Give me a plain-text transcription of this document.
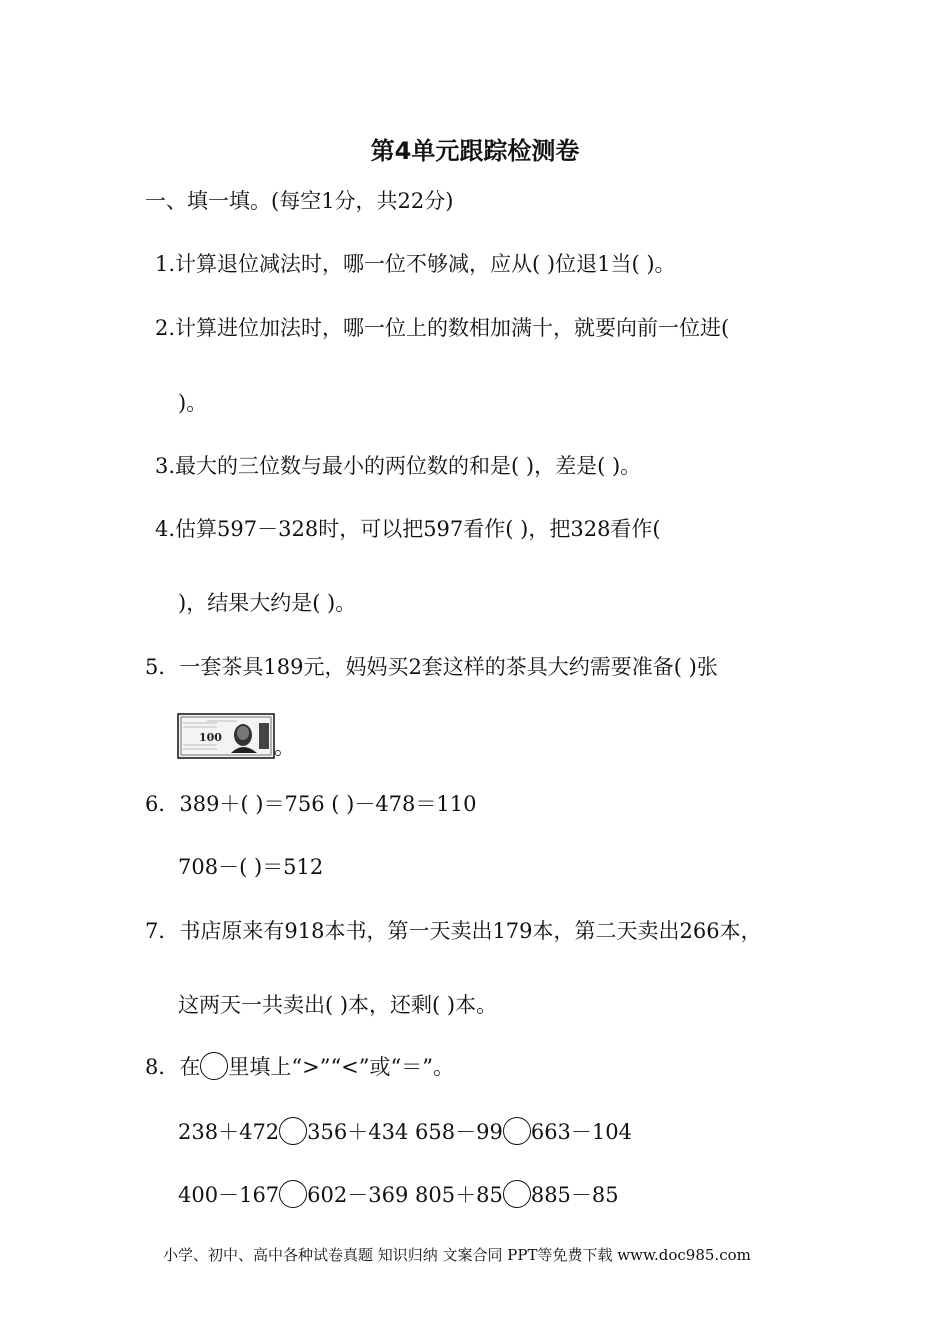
第4单元跟踪检测卷
一、填一填。(每空1分，共22分)
1.计算退位减法时，哪一位不够减，应从( )位退1当( )。
2.计算进位加法时，哪一位上的数相加满十，就要向前一位进(
)。
3.最大的三位数与最小的两位数的和是( )，差是( )。
4.估算597－328时，可以把597看作( )，把328看作(
)，结果大约是( )。
5．一套茶具189元，妈妈买2套这样的茶具大约需要准备( )张
100 。
6．389＋( )＝756 ( )－478＝110
708－( )＝512
7．书店原来有918本书，第一天卖出179本，第二天卖出266本，
这两天一共卖出( )本，还剩( )本。
8．在 里填上“>”“<”或“＝”。
238＋472 356＋434 658－99 663－104
400－167 602－369 805＋85 885－85
小学、初中、高中各种试卷真题 知识归纳 文案合同 PPT等免费下载 www.doc985.com
